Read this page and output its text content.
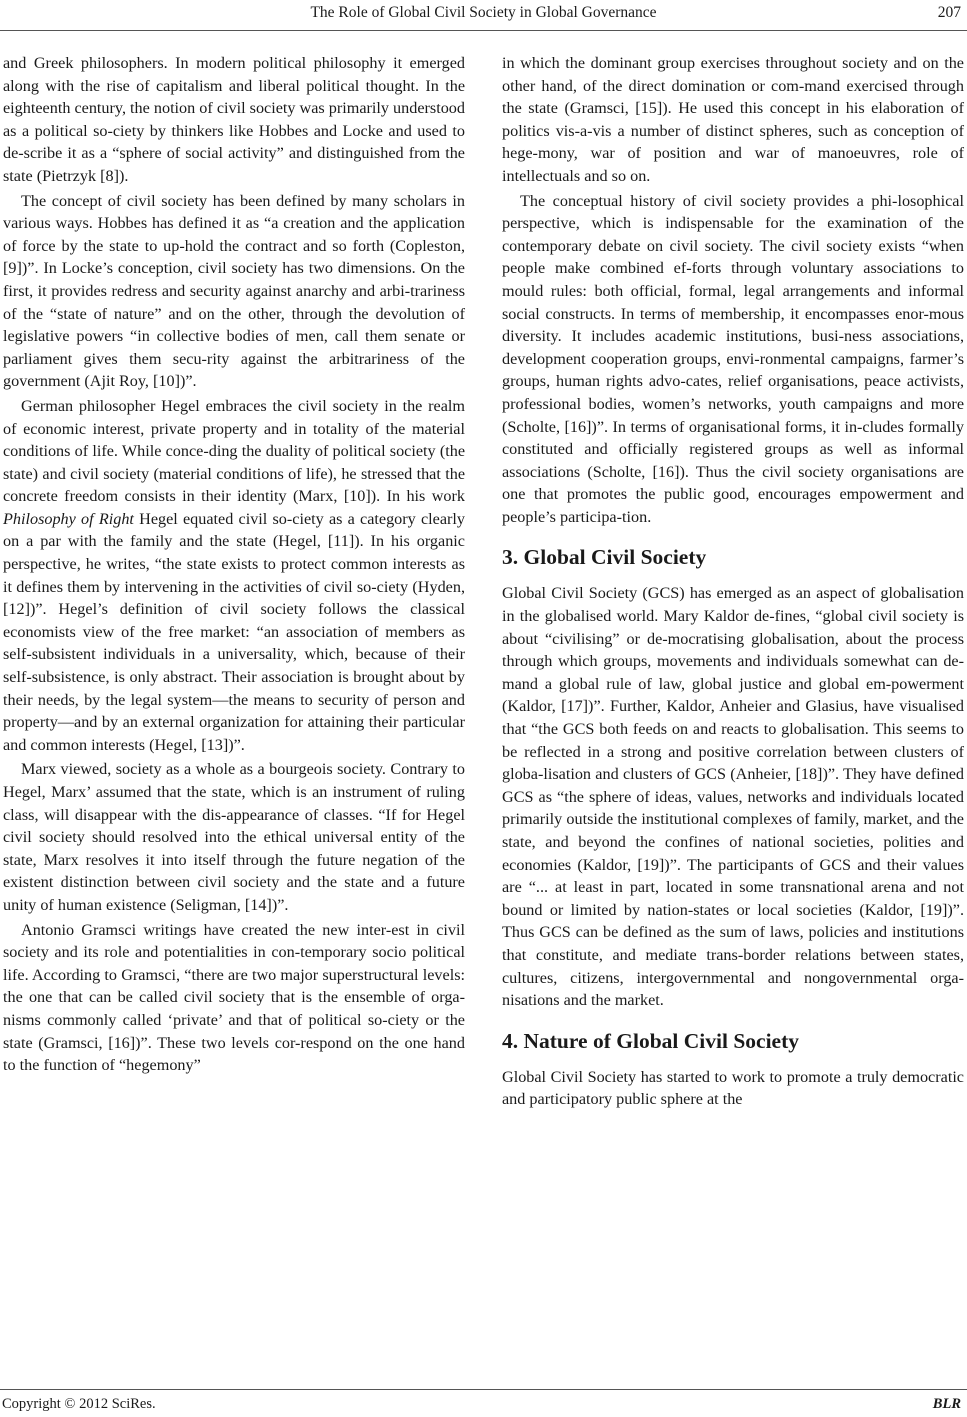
The Role of Global Civil Society in Global Governance	207

and Greek philosophers. In modern political philosophy it emerged along with the rise of capitalism and liberal political thought. In the eighteenth century, the notion of civil society was primarily understood as a political so-ciety by thinkers like Hobbes and Locke and used to de-scribe it as a “sphere of social activity” and distinguished from the state (Pietrzyk [8]).

The concept of civil society has been defined by many scholars in various ways. Hobbes has defined it as “a creation and the application of force by the state to up-hold the contract and so forth (Copleston, [9])”. In Locke’s conception, civil society has two dimensions. On the first, it provides redress and security against anarchy and arbi-trariness of the “state of nature” and on the other, through the devolution of legislative powers “in collective bodies of men, call them senate or parliament gives them secu-rity against the arbitrariness of the government (Ajit Roy, [10])”.

German philosopher Hegel embraces the civil society in the realm of economic interest, private property and in totality of the material conditions of life. While conce-ding the duality of political society (the state) and civil society (material conditions of life), he stressed that the concrete freedom consists in their identity (Marx, [10]). In his work Philosophy of Right Hegel equated civil so-ciety as a category clearly on a par with the family and the state (Hegel, [11]). In his organic perspective, he writes, “the state exists to protect common interests as it defines them by intervening in the activities of civil so-ciety (Hyden, [12])”. Hegel’s definition of civil society follows the classical economists view of the free market: “an association of members as self-subsistent individuals in a universality, which, because of their self-subsistence, is only abstract. Their association is brought about by their needs, by the legal system—the means to security of person and property—and by an external organization for attaining their particular and common interests (Hegel, [13])”.

Marx viewed, society as a whole as a bourgeois society. Contrary to Hegel, Marx’ assumed that the state, which is an instrument of ruling class, will disappear with the dis-appearance of classes. “If for Hegel civil society should resolved into the ethical universal entity of the state, Marx resolves it into itself through the future negation of the existent distinction between civil society and the state and a future unity of human existence (Seligman, [14])”.

Antonio Gramsci writings have created the new inter-est in civil society and its role and potentialities in con-temporary socio political life. According to Gramsci, “there are two major superstructural levels: the one that can be called civil society that is the ensemble of orga-nisms commonly called ‘private’ and that of political so-ciety or the state (Gramsci, [16])”. These two levels cor-respond on the one hand to the function of “hegemony”

in which the dominant group exercises throughout society and on the other hand, of the direct domination or com-mand exercised through the state (Gramsci, [15]). He used this concept in his elaboration of politics vis-a-vis a number of distinct spheres, such as conception of hege-mony, war of position and war of manoeuvres, role of intellectuals and so on.

The conceptual history of civil society provides a phi-losophical perspective, which is indispensable for the examination of the contemporary debate on civil society. The civil society exists “when people make combined ef-forts through voluntary associations to mould rules: both official, formal, legal arrangements and informal social constructs. In terms of membership, it encompasses enor-mous diversity. It includes academic institutions, busi-ness associations, development cooperation groups, envi-ronmental campaigns, farmer’s groups, human rights advo-cates, relief organisations, peace activists, professional bodies, women’s networks, youth campaigns and more (Scholte, [16])”. In terms of organisational forms, it in-cludes formally constituted and officially registered groups as well as informal associations (Scholte, [16]). Thus the civil society organisations are one that promotes the public good, encourages empowerment and people’s participa-tion.

3. Global Civil Society

Global Civil Society (GCS) has emerged as an aspect of globalisation in the globalised world. Mary Kaldor de-fines, “global civil society is about “civilising” or de-mocratising globalisation, about the process through which groups, movements and individuals somewhat can de-mand a global rule of law, global justice and global em-powerment (Kaldor, [17])”. Further, Kaldor, Anheier and Glasius, have visualised that “the GCS both feeds on and reacts to globalisation. This seems to be reflected in a strong and positive correlation between clusters of globa-lisation and clusters of GCS (Anheier, [18])”. They have defined GCS as “the sphere of ideas, values, networks and individuals located primarily outside the institutional complexes of family, market, and the state, and beyond the confines of national societies, polities and economies (Kaldor, [19])”. The participants of GCS and their values are “... at least in part, located in some transnational arena and not bound or limited by nation-states or local societies (Kaldor, [19])”. Thus GCS can be defined as the sum of laws, policies and institutions that constitute, and mediate trans-border relations between states, cultures, citizens, intergovernmental and nongovernmental orga-nisations and the market.

4. Nature of Global Civil Society

Global Civil Society has started to work to promote a truly democratic and participatory public sphere at the

Copyright © 2012 SciRes.	BLR
